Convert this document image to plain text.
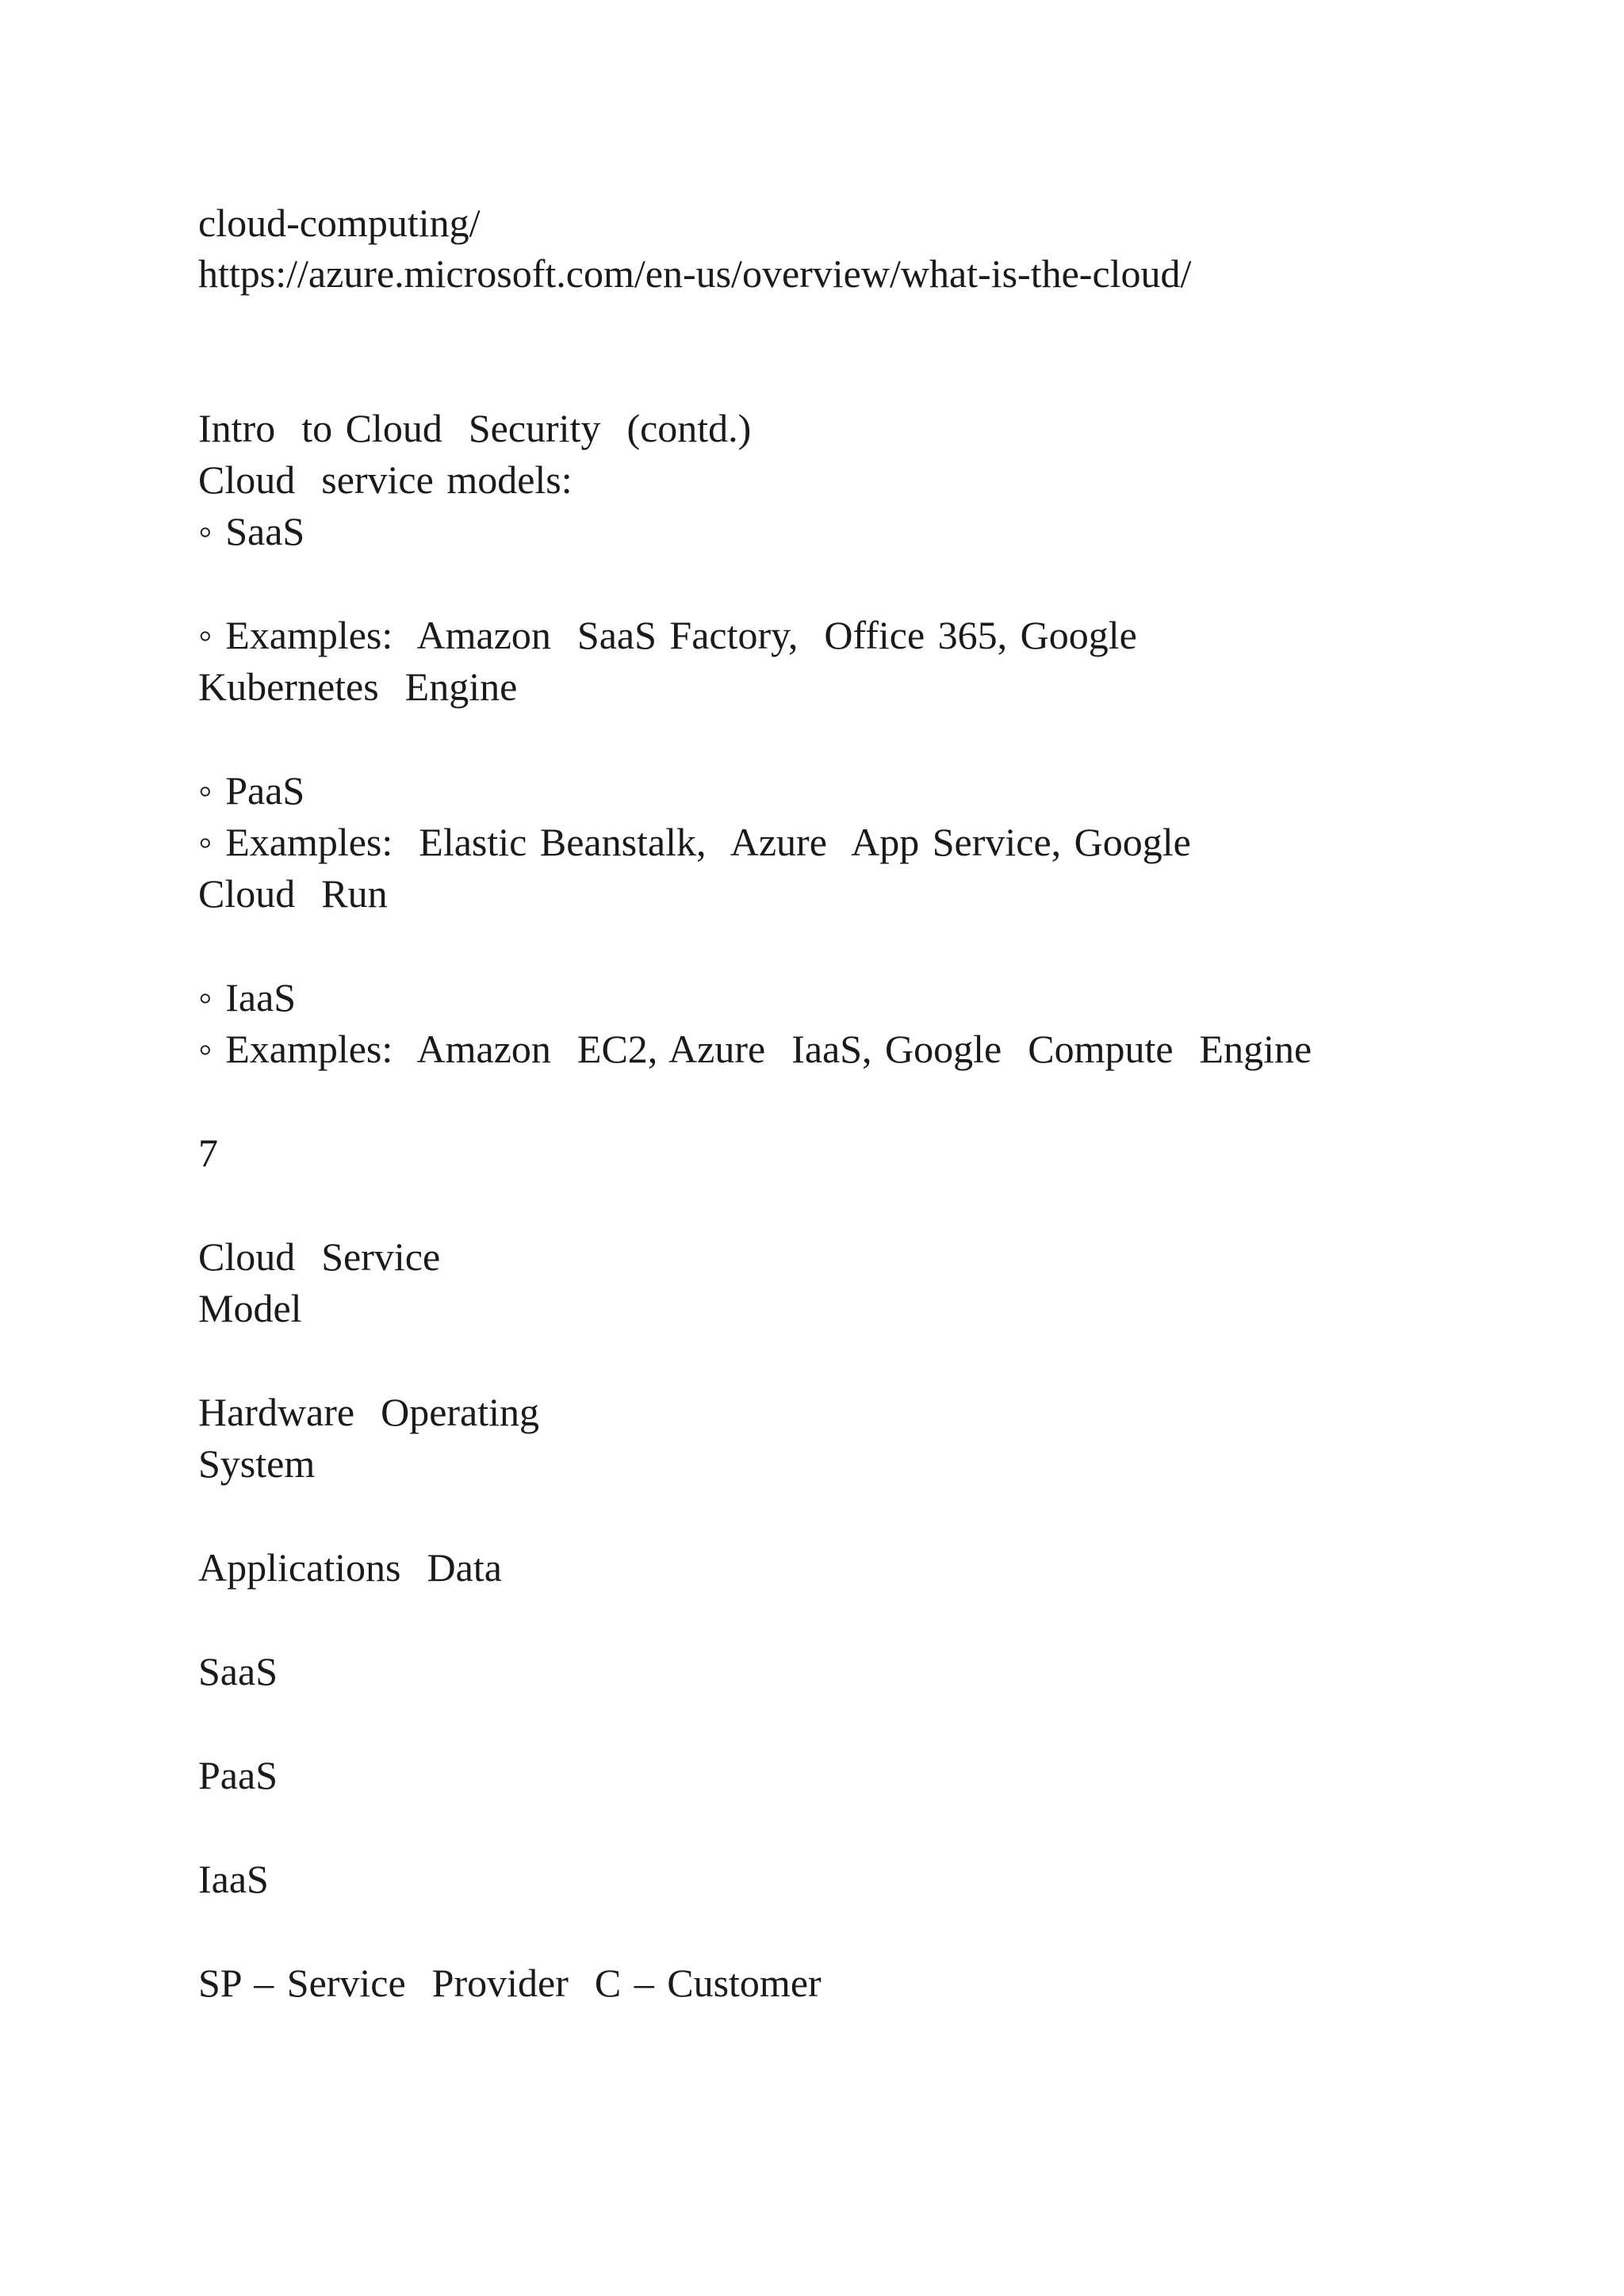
cloud-computing/
https://azure.microsoft.com/en-us/overview/what-is-the-cloud/
Intro  to Cloud  Security  (contd.)
Cloud  service models:
◦ SaaS
◦ Examples:  Amazon  SaaS Factory,  Office 365, Google
Kubernetes  Engine
◦ PaaS
◦ Examples:  Elastic Beanstalk,  Azure  App Service, Google
Cloud  Run
◦ IaaS
◦ Examples:  Amazon  EC2, Azure  IaaS, Google  Compute  Engine
7
Cloud  Service
Model
Hardware  Operating
System
Applications  Data
SaaS
PaaS
IaaS
SP – Service  Provider  C – Customer
